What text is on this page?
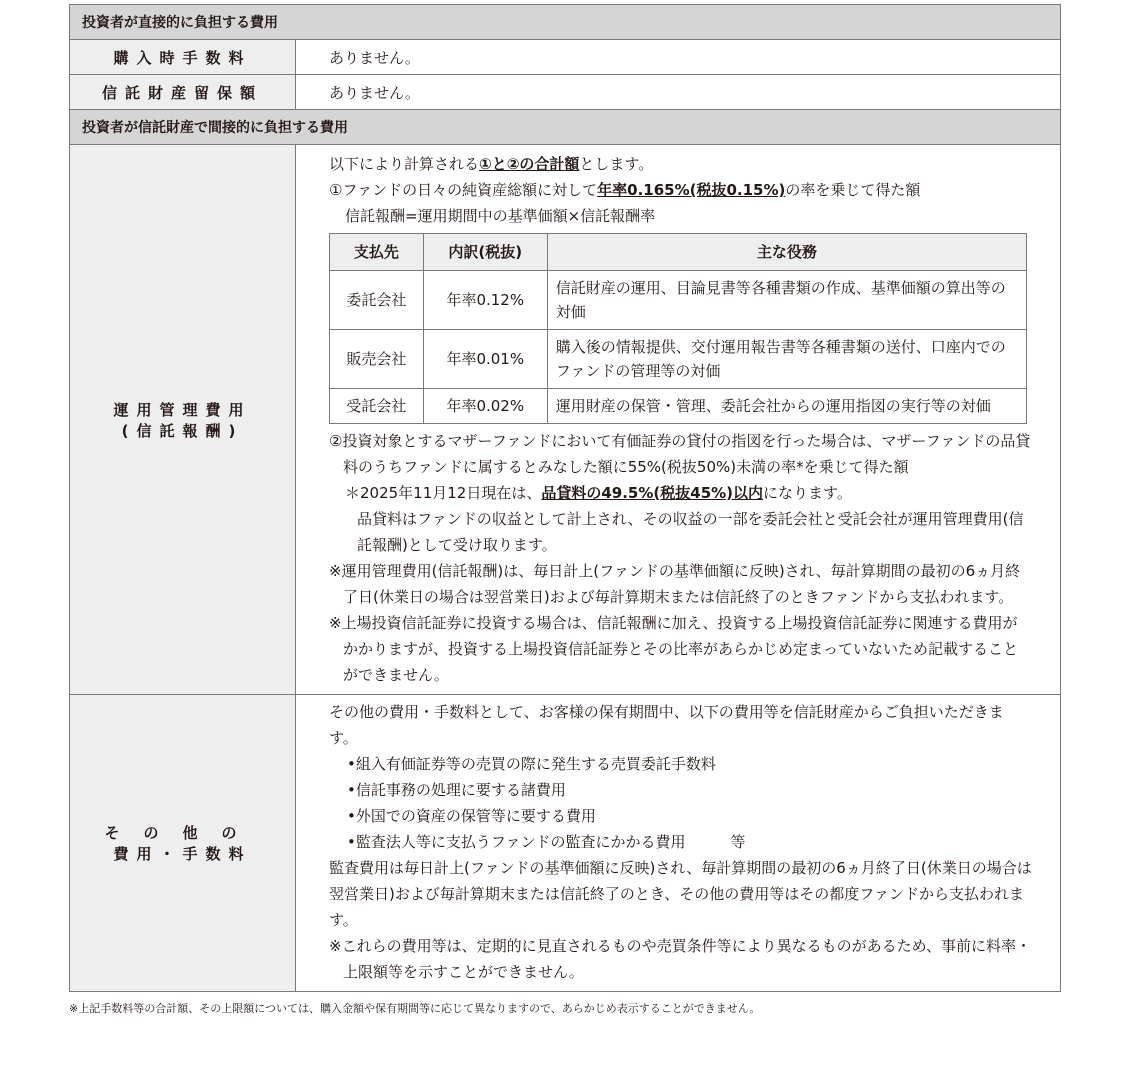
投資者が直接的に負担する費用
購入時手数料	ありません。
信託財産留保額	ありません。
投資者が信託財産で間接的に負担する費用

運用管理費用
(信託報酬)

以下により計算される①と②の合計額とします。
①ファンドの日々の純資産総額に対して年率0.165%(税抜0.15%)の率を乗じて得た額
信託報酬=運用期間中の基準価額×信託報酬率
支払先	内訳(税抜)	主な役務
委託会社	年率0.12%	信託財産の運用、目論見書等各種書類の作成、基準価額の算出等の対価
販売会社	年率0.01%	購入後の情報提供、交付運用報告書等各種書類の送付、口座内でのファンドの管理等の対価
受託会社	年率0.02%	運用財産の保管・管理、委託会社からの運用指図の実行等の対価
②投資対象とするマザーファンドにおいて有価証券の貸付の指図を行った場合は、マザーファンドの品貸料のうちファンドに属するとみなした額に55%(税抜50%)未満の率*を乗じて得た額
＊2025年11月12日現在は、品貸料の49.5%(税抜45%)以内になります。
品貸料はファンドの収益として計上され、その収益の一部を委託会社と受託会社が運用管理費用(信託報酬)として受け取ります。
※運用管理費用(信託報酬)は、毎日計上(ファンドの基準価額に反映)され、毎計算期間の最初の6ヵ月終了日(休業日の場合は翌営業日)および毎計算期末または信託終了のときファンドから支払われます。
※上場投資信託証券に投資する場合は、信託報酬に加え、投資する上場投資信託証券に関連する費用がかかりますが、投資する上場投資信託証券とその比率があらかじめ定まっていないため記載することができません。

その他の
費用・手数料

その他の費用・手数料として、お客様の保有期間中、以下の費用等を信託財産からご負担いただきます。
•組入有価証券等の売買の際に発生する売買委託手数料
•信託事務の処理に要する諸費用
•外国での資産の保管等に要する費用
•監査法人等に支払うファンドの監査にかかる費用　　　等
監査費用は毎日計上(ファンドの基準価額に反映)され、毎計算期間の最初の6ヵ月終了日(休業日の場合は翌営業日)および毎計算期末または信託終了のとき、その他の費用等はその都度ファンドから支払われます。
※これらの費用等は、定期的に見直されるものや売買条件等により異なるものがあるため、事前に料率・上限額等を示すことができません。
※上記手数料等の合計額、その上限額については、購入金額や保有期間等に応じて異なりますので、あらかじめ表示することができません。
